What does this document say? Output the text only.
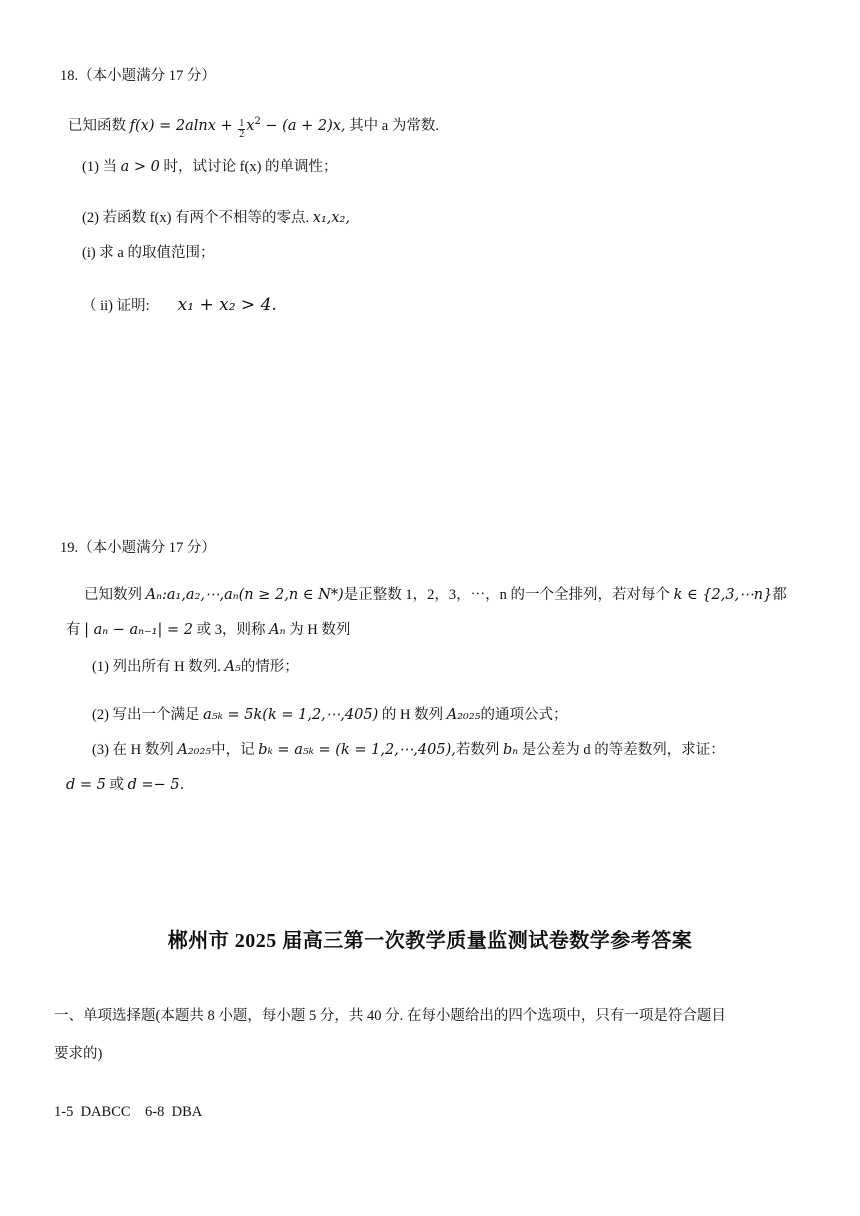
18.（本小题满分 17 分）
已知函数 $f(x) = 2alnx + \frac{1}{2} x^2 - (a + 2)x$, 其中 a 为常数.
(1) 当 a > 0 时，试讨论 f(x) 的单调性；
(2) 若函数 f(x) 有两个不相等的零点. x₁,x₂,
(i) 求 a 的取值范围；
（ ii) 证明: x₁ + x₂ > 4.
19.（本小题满分 17 分）
已知数列 Aₙ:a₁,a₂,⋯,aₙ(n ≥ 2,n ∈ N*)是正整数 1，2，3，⋯，n 的一个全排列，若对每个 k ∈ {2,3,⋯n}都
有 | aₙ − aₙ₋₁| = 2 或 3，则称 Aₙ 为 H 数列
(1) 列出所有 H 数列. A₅的情形；
(2) 写出一个满足 a₅ₖ = 5k(k = 1,2,⋯,405) 的 H 数列 A₂₀₂₅的通项公式；
(3) 在 H 数列 A₂₀₂₅中，记 bₖ = a₅ₖ = (k = 1,2,⋯,405),若数列 bₙ 是公差为 d 的等差数列，求证：
d = 5 或 d =− 5.
郴州市 2025 届高三第一次教学质量监测试卷数学参考答案
一、单项选择题(本题共 8 小题，每小题 5 分，共 40 分. 在每小题给出的四个选项中，只有一项是符合题目
要求的)
1-5  DABCC    6-8  DBA
